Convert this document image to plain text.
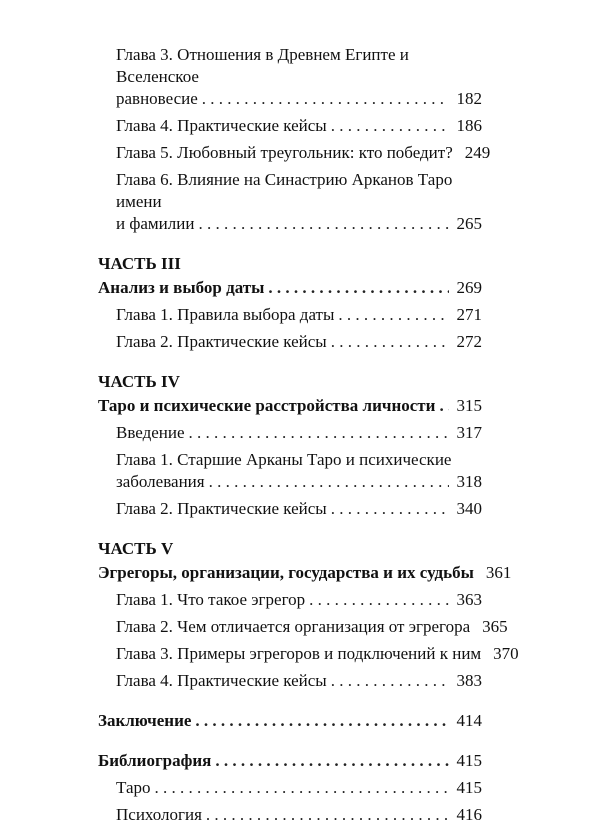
Глава 3. Отношения в Древнем Египте и Вселенское
равновесие . . .	182
Глава 4. Практические кейсы . . .	186
Глава 5. Любовный треугольник: кто победит? 249
Глава 6. Влияние на Синастрию Арканов Таро имени
и фамилии . . .	265
ЧАСТЬ III
Анализ и выбор даты . . .	269
Глава 1. Правила выбора даты . . .	271
Глава 2. Практические кейсы . . .	272
ЧАСТЬ IV
Таро и психические расстройства личности . . . 315
Введение . . .	317
Глава 1. Старшие Арканы Таро и психические
заболевания . . .	318
Глава 2. Практические кейсы . . .	340
ЧАСТЬ V
Эгрегоры, организации, государства и их судьбы 361
Глава 1. Что такое эгрегор . . .	363
Глава 2. Чем отличается организация от эгрегора 365
Глава 3. Примеры эгрегоров и подключений к ним 370
Глава 4. Практические кейсы . . .	383
Заключение . . .	414
Библиография . . .	415
Таро . . .	415
Психология . . .	416
